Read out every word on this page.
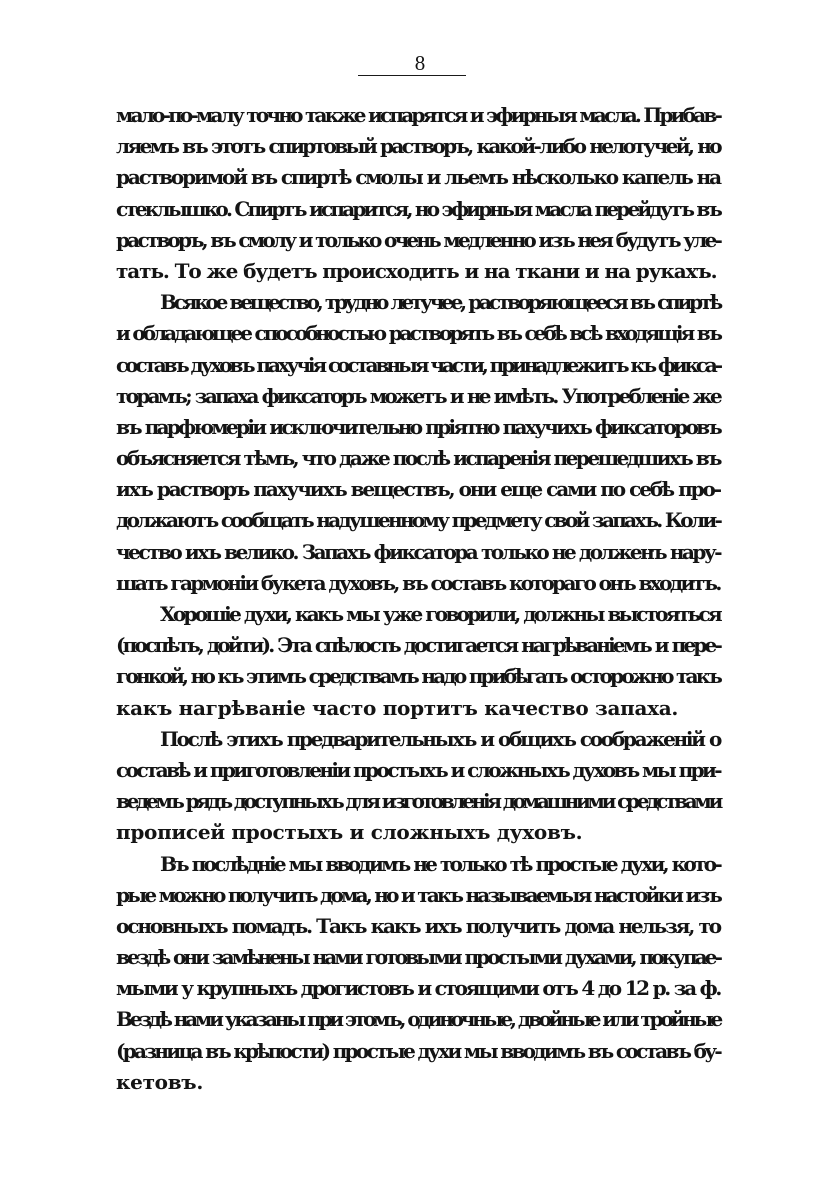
8
мало-по-малу точно также испарятся и эфирныя масла. Прибав-
ляемъ въ этотъ спиртовый растворъ, какой-либо нелотучей, но
растворимой въ спиртѣ смолы и льемъ нѣсколько капель на
стеклышко. Спиртъ испарится, но эфирныя масла перейдутъ въ
растворъ, въ смолу и только очень медленно изъ нея будутъ уле-
тать. То же будетъ происходить и на ткани и на рукахъ.
Всякое вещество, трудно летучее, растворяющееся въ спиртѣ
и обладающее способностью растворять въ себѣ всѣ входящія въ
составъ духовъ пахучія составныя части, принадлежитъ къ фикса-
торамъ; запаха фиксаторъ можетъ и не имѣть. Употребленіе же
въ парфюмеріи исключительно пріятно пахучихъ фиксаторовъ
объясняется тѣмъ, что даже послѣ испаренія перешедшихъ въ
ихъ растворъ пахучихъ веществъ, они еще сами по себѣ про-
должаютъ сообщать надушенному предмету свой запахъ. Коли-
чество ихъ велико. Запахъ фиксатора только не долженъ нару-
шать гармоніи букета духовъ, въ составъ котораго онъ входитъ.
Хорошіе духи, какъ мы уже говорили, должны выстояться
(поспѣть, дойти). Эта спѣлость достигается нагрѣваніемъ и пере-
гонкой, но къ этимъ средствамъ надо прибѣгать осторожно такъ
какъ нагрѣваніе часто портитъ качество запаха.
Послѣ этихъ предварительныхъ и общихъ соображеній о
составѣ и приготовленіи простыхъ и сложныхъ духовъ мы при-
ведемъ рядъ доступныхъ для изготовленія домашними средствами
прописей простыхъ и сложныхъ духовъ.
Въ послѣдніе мы вводимъ не только тѣ простые духи, кото-
рые можно получить дома, но и такъ называемыя настойки изъ
основныхъ помадъ. Такъ какъ ихъ получить дома нельзя, то
вездѣ они замѣнены нами готовыми простыми духами, покупае-
мыми у крупныхъ дрогистовъ и стоящими отъ 4 до 12 р. за ф.
Вездѣ нами указаны при этомъ, одиночные, двойные или тройные
(разница въ крѣпости) простые духи мы вводимъ въ составъ бу-
кетовъ.
